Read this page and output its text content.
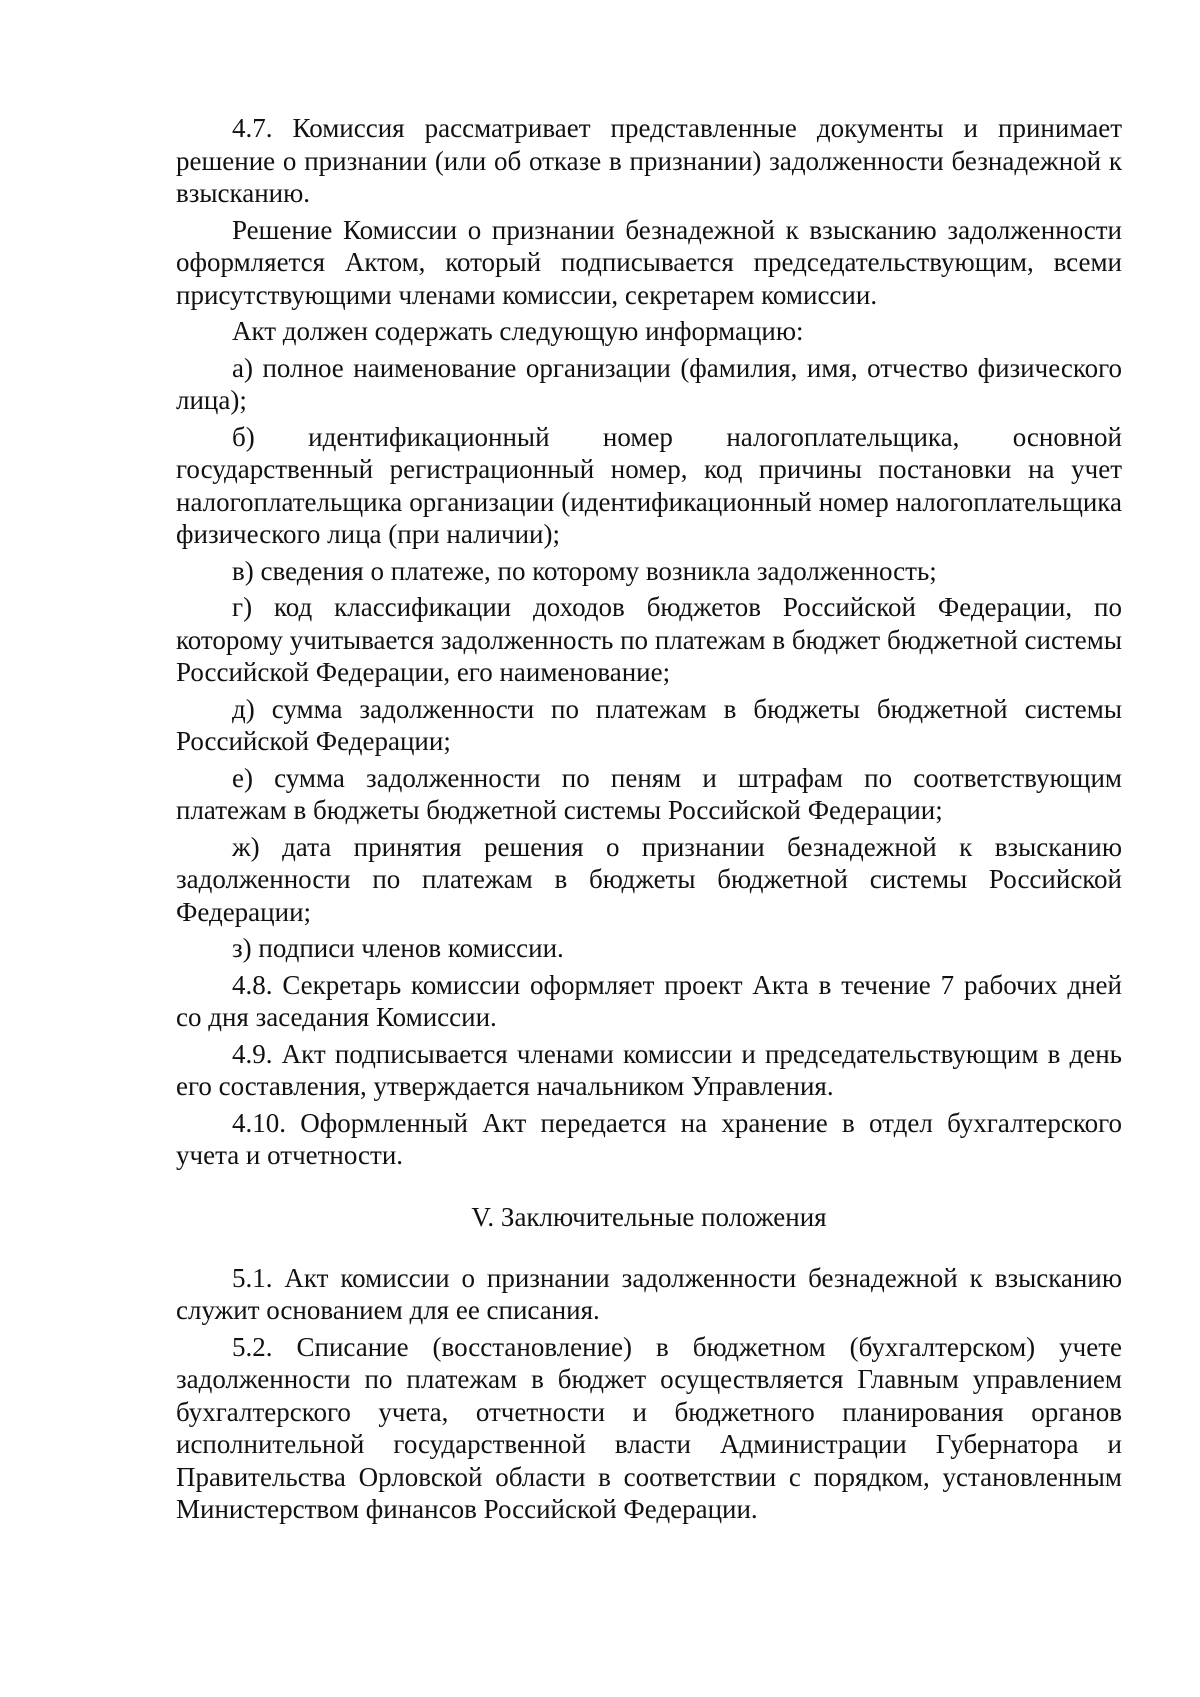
4.7. Комиссия рассматривает представленные документы и принимает решение о признании (или об отказе в признании) задолженности безнадежной к взысканию.

Решение Комиссии о признании безнадежной к взысканию задолженности оформляется Актом, который подписывается председательствующим, всеми присутствующими членами комиссии, секретарем комиссии.

Акт должен содержать следующую информацию:

а) полное наименование организации (фамилия, имя, отчество физического лица);

б) идентификационный номер налогоплательщика, основной государственный регистрационный номер, код причины постановки на учет налогоплательщика организации (идентификационный номер налогоплательщика физического лица (при наличии);

в) сведения о платеже, по которому возникла задолженность;

г) код классификации доходов бюджетов Российской Федерации, по которому учитывается задолженность по платежам в бюджет бюджетной системы Российской Федерации, его наименование;

д) сумма задолженности по платежам в бюджеты бюджетной системы Российской Федерации;

е) сумма задолженности по пеням и штрафам по соответствующим платежам в бюджеты бюджетной системы Российской Федерации;

ж) дата принятия решения о признании безнадежной к взысканию задолженности по платежам в бюджеты бюджетной системы Российской Федерации;

з) подписи членов комиссии.

4.8. Секретарь комиссии оформляет проект Акта в течение 7 рабочих дней со дня заседания Комиссии.

4.9. Акт подписывается членами комиссии и председательствующим в день его составления, утверждается начальником Управления.

4.10. Оформленный Акт передается на хранение в отдел бухгалтерского учета и отчетности.

V. Заключительные положения

5.1. Акт комиссии о признании задолженности безнадежной к взысканию служит основанием для ее списания.

5.2. Списание (восстановление) в бюджетном (бухгалтерском) учете задолженности по платежам в бюджет осуществляется Главным управлением бухгалтерского учета, отчетности и бюджетного планирования органов исполнительной государственной власти Администрации Губернатора и Правительства Орловской области в соответствии с порядком, установленным Министерством финансов Российской Федерации.
